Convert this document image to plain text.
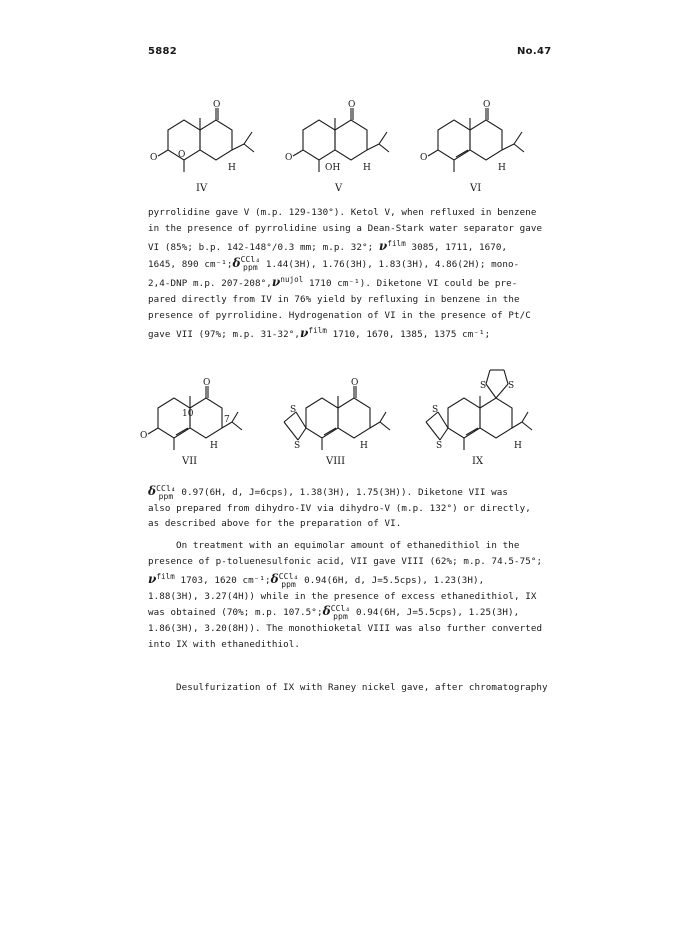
5882	No.47
O
O O
H
IV
O
O
OH	H
V
O
O
H
VI

pyrrolidine gave V (m.p. 129-130°). Ketol V, when refluxed in benzene

in the presence of pyrrolidine using a Dean-Stark water separator gave

VI (85%; b.p. 142-148°/0.3 mm; m.p. 32°; $\nu^{film}$ 3085, 1711, 1670,

1645, 890 cm⁻¹;δCCl₄
ppm 1.44(3H), 1.76(3H), 1.83(3H), 4.86(2H); mono-

2,4-DNP m.p. $207-208^\circ,\nu^{nujol}$ 1710 cm⁻¹). Diketone VI could be pre-

pared directly from IV in 76% yield by refluxing in benzene in the

presence of pyrrolidine. Hydrogenation of VI in the presence of Pt/C

gave VII (97%; m.p. $31-32^\circ,\nu^{film}$ 1710, 1670, 1385, 1375 cm⁻¹;

O
O
10
7
H
VII
O
S
S	H
VIII
S S
S
S	H
IX

δCCl₄
ppm 0.97(6H, d, J=6cps), 1.38(3H), 1.75(3H)). Diketone VII was

also prepared from dihydro-IV via dihydro-V (m.p. 132°) or directly,

as described above for the preparation of VI.

On treatment with an equimolar amount of ethanedithiol in the

presence of p-toluenesulfonic acid, VII gave VIII (62%; m.p. 74.5-75°;

$\nu^{film}$ 1703, 1620 cm⁻¹;δCCl₄
ppm 0.94(6H, d, J=5.5cps), 1.23(3H),

1.88(3H), 3.27(4H)) while in the presence of excess ethanedithiol, IX

was obtained (70%; m.p. 107.5°;δCCl₄
ppm 0.94(6H, J=5.5cps), 1.25(3H),

1.86(3H), 3.20(8H)). The monothioketal VIII was also further converted

into IX with ethanedithiol.

Desulfurization of IX with Raney nickel gave, after chromatography
